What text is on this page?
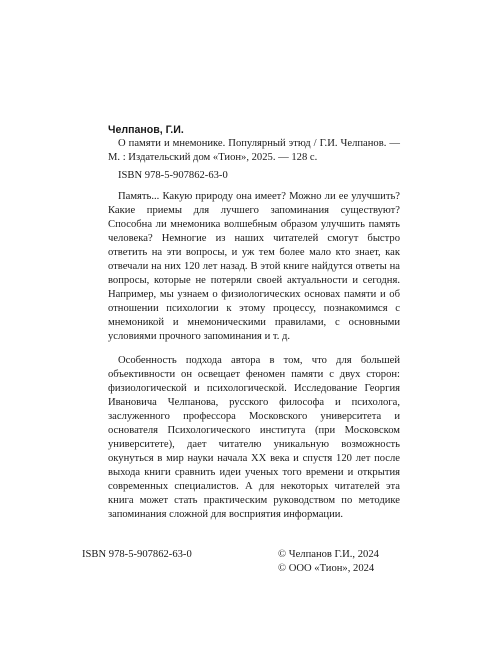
Челпанов, Г.И.

О памяти и мнемонике. Популярный этюд / Г.И. Челпанов. — М. : Издательский дом «Тион», 2025. — 128 с.

ISBN 978-5-907862-63-0

Память... Какую природу она имеет? Можно ли ее улучшить? Какие приемы для лучшего запоминания существуют? Способна ли мнемоника волшебным образом улучшить память человека? Немногие из наших читателей смогут быстро ответить на эти вопросы, и уж тем более мало кто знает, как отвечали на них 120 лет назад. В этой книге найдутся ответы на вопросы, которые не потеряли своей актуальности и сегодня. Например, мы узнаем о физиологических основах памяти и об отношении психологии к этому процессу, познакомимся с мнемоникой и мнемоническими правилами, с основными условиями прочного запоминания и т. д.

Особенность подхода автора в том, что для большей объективности он освещает феномен памяти с двух сторон: физиологической и психологической. Исследование Георгия Ивановича Челпанова, русского философа и психолога, заслуженного профессора Московского университета и основателя Психологического института (при Московском университете), дает читателю уникальную возможность окунуться в мир науки начала XX века и спустя 120 лет после выхода книги сравнить идеи ученых того времени и открытия современных специалистов. А для некоторых читателей эта книга может стать практическим руководством по методике запоминания сложной для восприятия информации.

ISBN 978-5-907862-63-0	© Челпанов Г.И., 2024
© ООО «Тион», 2024
